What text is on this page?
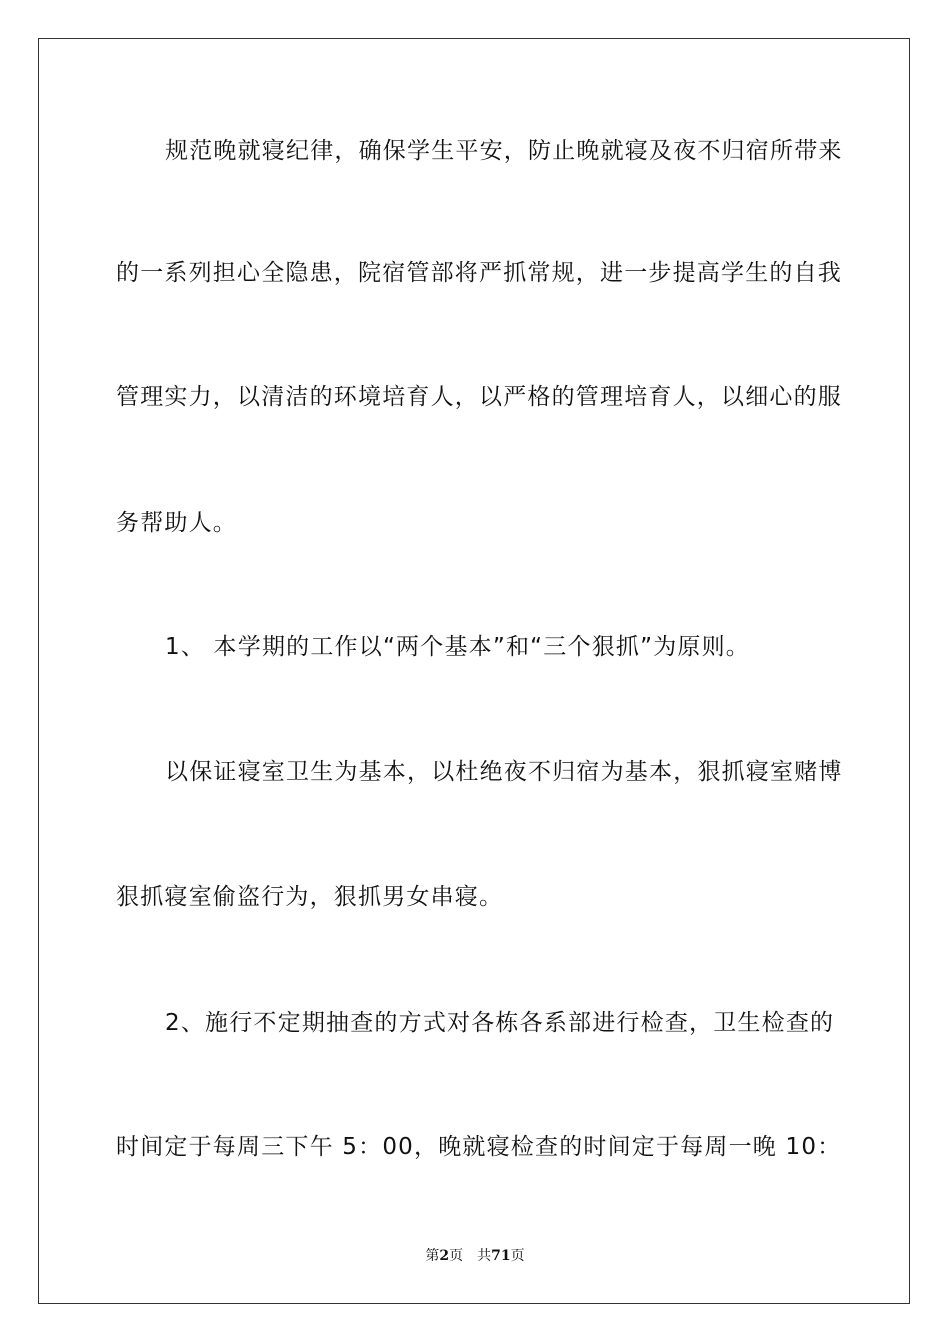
规范晚就寝纪律，确保学生平安，防止晚就寝及夜不归宿所带来
的一系列担心全隐患，院宿管部将严抓常规，进一步提高学生的自我
管理实力，以清洁的环境培育人，以严格的管理培育人，以细心的服
务帮助人。
1、 本学期的工作以“两个基本”和“三个狠抓”为原则。
以保证寝室卫生为基本，以杜绝夜不归宿为基本，狠抓寝室赌博
狠抓寝室偷盗行为，狠抓男女串寝。
2、施行不定期抽查的方式对各栋各系部进行检查，卫生检查的
时间定于每周三下午 5：00，晚就寝检查的时间定于每周一晚 10：
第2页 共71页
